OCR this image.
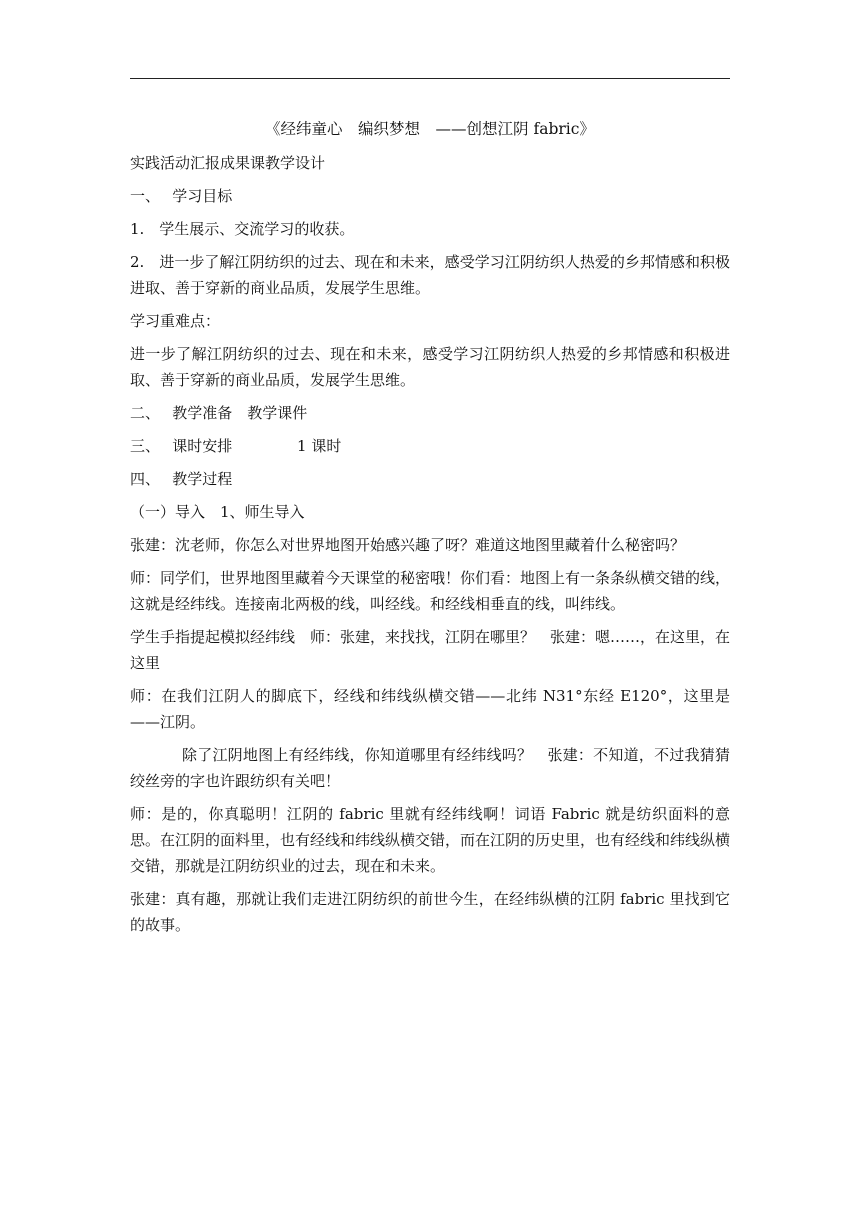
《经纬童心　编织梦想　——创想江阴 fabric》
实践活动汇报成果课教学设计
一、　 学习目标
1.　学生展示、交流学习的收获。
2.　进一步了解江阴纺织的过去、现在和未来，感受学习江阴纺织人热爱的乡邦情感和积极进取、善于穿新的商业品质，发展学生思维。
学习重难点：
进一步了解江阴纺织的过去、现在和未来，感受学习江阴纺织人热爱的乡邦情感和积极进取、善于穿新的商业品质，发展学生思维。
二、　 教学准备　教学课件
三、　 课时安排　　　　 1 课时
四、　 教学过程
（一）导入　1、师生导入
张建：沈老师，你怎么对世界地图开始感兴趣了呀？难道这地图里藏着什么秘密吗？
师：同学们，世界地图里藏着今天课堂的秘密哦！你们看：地图上有一条条纵横交错的线，这就是经纬线。连接南北两极的线，叫经线。和经线相垂直的线，叫纬线。
学生手指提起模拟经纬线　师：张建，来找找，江阴在哪里？　张建：嗯……，在这里，在这里
师：在我们江阴人的脚底下，经线和纬线纵横交错——北纬 N31°东经 E120°，这里是——江阴。
除了江阴地图上有经纬线，你知道哪里有经纬线吗？　张建：不知道，不过我猜猜绞丝旁的字也许跟纺织有关吧！
师：是的，你真聪明！江阴的 fabric 里就有经纬线啊！词语 Fabric 就是纺织面料的意思。在江阴的面料里，也有经线和纬线纵横交错，而在江阴的历史里，也有经线和纬线纵横交错，那就是江阴纺织业的过去，现在和未来。
张建：真有趣，那就让我们走进江阴纺织的前世今生，在经纬纵横的江阴 fabric 里找到它的故事。
